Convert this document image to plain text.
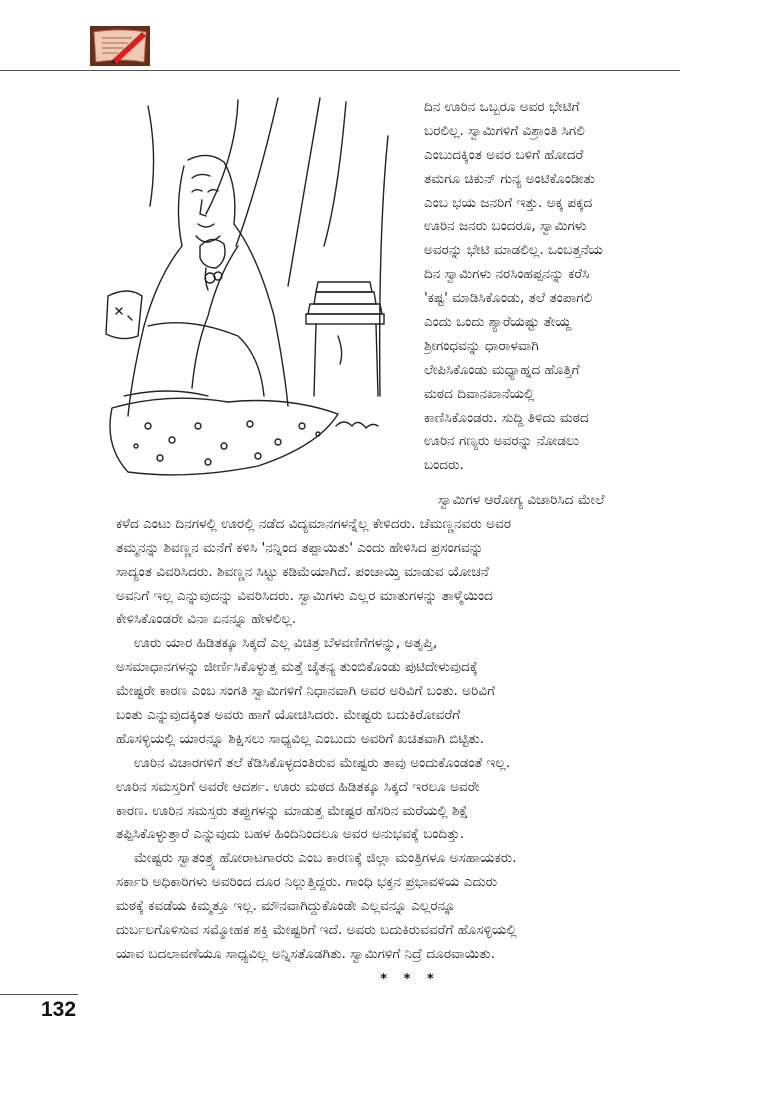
ದಿನ ಊರಿನ ಒಬ್ಬರೂ ಅವರ ಭೇಟಿಗೆ
ಬರಲಿಲ್ಲ. ಸ್ವಾಮಿಗಳಿಗೆ ವಿಶ್ರಾಂತಿ ಸಿಗಲಿ
ಎಂಬುದಕ್ಕಿಂತ ಅವರ ಬಳಿಗೆ ಹೋದರೆ
ತಮಗೂ ಚಿಕುನ್ ಗುನ್ಯ ಅಂಟಿಕೊಂಡೀತು
ಎಂಬ ಭಯ ಜನರಿಗೆ ಇತ್ತು. ಅಕ್ಕ ಪಕ್ಕದ
ಊರಿನ ಜನರು ಬಂದರೂ, ಸ್ವಾಮಿಗಳು
ಅವರನ್ನು ಭೇಟಿ ಮಾಡಲಿಲ್ಲ. ಒಂಬತ್ತನೆಯ
ದಿನ ಸ್ವಾಮಿಗಳು ನರಸಿಂಹಪ್ಪನನ್ನು ಕರೆಸಿ
'ಕಷ್ಟ' ಮಾಡಿಸಿಕೊಂಡು, ತಲೆ ತಂಪಾಗಲಿ
ಎಂದು ಒಂದು ಶ್ಯಾರೆಯಷ್ಟು ತೇಯ್ದ
ಶ್ರೀಗಂಧವನ್ನು ಧಾರಾಳವಾಗಿ
ಲೇಪಿಸಿಕೊಂಡು ಮಧ್ಯಾಹ್ನದ ಹೊತ್ತಿಗೆ
ಮಠದ ದಿವಾನಖಾನೆಯಲ್ಲಿ
ಕಾಣಿಸಿಕೊಂಡರು. ಸುದ್ದಿ ತಿಳಿದು ಮಠದ
ಊರಿನ ಗಣ್ಯರು ಅವರನ್ನು ನೋಡಲು
ಬಂದರು.
ಸ್ವಾಮಿಗಳ ಆರೋಗ್ಯ ವಿಚಾರಿಸಿದ ಮೇಲೆ
ಕಳೆದ ಎಂಟು ದಿನಗಳಲ್ಲಿ ಊರಲ್ಲಿ ನಡೆದ ವಿದ್ಯಮಾನಗಳನ್ನೆಲ್ಲ ಕೇಳಿದರು. ಚೆಮಣ್ಣನವರು ಅವರ
ತಮ್ಮನನ್ನು ಶಿವಣ್ಣನ ಮನೆಗೆ ಕಳಿಸಿ 'ನನ್ನಿಂದ ತಪ್ಪಾಯಿತು' ಎಂದು ಹೇಳಿಸಿದ ಪ್ರಸಂಗವನ್ನು
ಸಾದ್ಯಂತ ವಿವರಿಸಿದರು. ಶಿವಣ್ಣನ ಸಿಟ್ಟು ಕಡಿಮೆಯಾಗಿದೆ. ಪಂಚಾಯ್ತಿ ಮಾಡುವ ಯೋಚನೆ
ಅವನಿಗೆ ಇಲ್ಲ ಎನ್ನುವುದನ್ನು ವಿವರಿಸಿದರು. ಸ್ವಾಮಿಗಳು ಎಲ್ಲರ ಮಾತುಗಳನ್ನು ತಾಳ್ಮೆಯಿಂದ
ಕೇಳಿಸಿಕೊಂಡರೇ ವಿನಾ ಏನನ್ನೂ ಹೇಳಲಿಲ್ಲ.
ಊರು ಯಾರ ಹಿಡಿತಕ್ಕೂ ಸಿಕ್ಕದೆ ಎಲ್ಲ ವಿಚಿತ್ರ ಬೆಳವಣಿಗೆಗಳನ್ನು, ಅತೃಪ್ತಿ,
ಅಸಮಾಧಾನಗಳನ್ನು ಜೀರ್ಣಿಸಿಕೊಳ್ಳುತ್ತ ಮತ್ತೆ ಚೈತನ್ಯ ತುಂಬಿಕೊಂಡು ಪುಟಿದೇಳುವುದಕ್ಕೆ
ಮೇಷ್ಟರೇ ಕಾರಣ ಎಂಬ ಸಂಗತಿ ಸ್ವಾಮಿಗಳಿಗೆ ನಿಧಾನವಾಗಿ ಅವರ ಅರಿವಿಗೆ ಬಂತು. ಅರಿವಿಗೆ
ಬಂತು ಎನ್ನುವುದಕ್ಕಿಂತ ಅವರು ಹಾಗೆ ಯೋಚಿಸಿದರು. ಮೇಷ್ಟರು ಬದುಕಿರೋವರೆಗೆ
ಹೊಸಳ್ಳಿಯಲ್ಲಿ ಯಾರನ್ನೂ ಶಿಕ್ಷಿಸಲು ಸಾಧ್ಯವಿಲ್ಲ ಎಂಬುದು ಅವರಿಗೆ ಖಚಿತವಾಗಿ ಬಿಟ್ಟಿತು.
ಊರಿನ ವಿಚಾರಗಳಿಗೆ ತಲೆ ಕೆಡಿಸಿಕೊಳ್ಳದಂತಿರುವ ಮೇಷ್ಟರು ತಾವು ಅಂದುಕೊಂಡಂತೆ ಇಲ್ಲ.
ಊರಿನ ಸಮಸ್ತರಿಗೆ ಅವರೇ ಆದರ್ಶ. ಊರು ಮಠದ ಹಿಡಿತಕ್ಕೂ ಸಿಕ್ಕದೆ ಇರಲೂ ಅವರೇ
ಕಾರಣ. ಊರಿನ ಸಮಸ್ತರು ತಪ್ಪುಗಳನ್ನು ಮಾಡುತ್ತ ಮೇಷ್ಟರ ಹೆಸರಿನ ಮರೆಯಲ್ಲಿ ಶಿಕ್ಷೆ
ತಪ್ಪಿಸಿಕೊಳ್ಳುತ್ತಾರೆ ಎನ್ನುವುದು ಬಹಳ ಹಿಂದಿನಿಂದಲೂ ಅವರ ಅನುಭವಕ್ಕೆ ಬಂದಿತ್ತು.
ಮೇಷ್ಟರು ಸ್ವಾತಂತ್ರ್ಯ ಹೋರಾಟಗಾರರು ಎಂಬ ಕಾರಣಕ್ಕೆ ಜಿಲ್ಲಾ ಮಂತ್ರಿಗಳೂ ಅಸಹಾಯಕರು.
ಸರ್ಕಾರಿ ಅಧಿಕಾರಿಗಳು ಅವರಿಂದ ದೂರ ನಿಲ್ಲುತ್ತಿದ್ದರು. ಗಾಂಧಿ ಭಕ್ತನ ಪ್ರಭಾವಳಿಯ ಎದುರು
ಮಠಕ್ಕೆ ಕವಡೆಯ ಕಿಮ್ಮತ್ತೂ ಇಲ್ಲ. ಮೌನವಾಗಿದ್ದುಕೊಂಡೇ ಎಲ್ಲವನ್ನೂ ಎಲ್ಲರನ್ನೂ
ದುರ್ಬಲಗೊಳಿಸುವ ಸಮ್ಮೋಹಕ ಶಕ್ತಿ ಮೇಷ್ಟರಿಗೆ ಇದೆ. ಅವರು ಬದುಕಿರುವವರೆಗೆ ಹೊಸಳ್ಳಿಯಲ್ಲಿ
ಯಾವ ಬದಲಾವಣೆಯೂ ಸಾಧ್ಯವಿಲ್ಲ ಅನ್ನಿಸತೊಡಗಿತು. ಸ್ವಾಮಿಗಳಿಗೆ ನಿದ್ರೆ ದೂರವಾಯಿತು.
* * *
132
